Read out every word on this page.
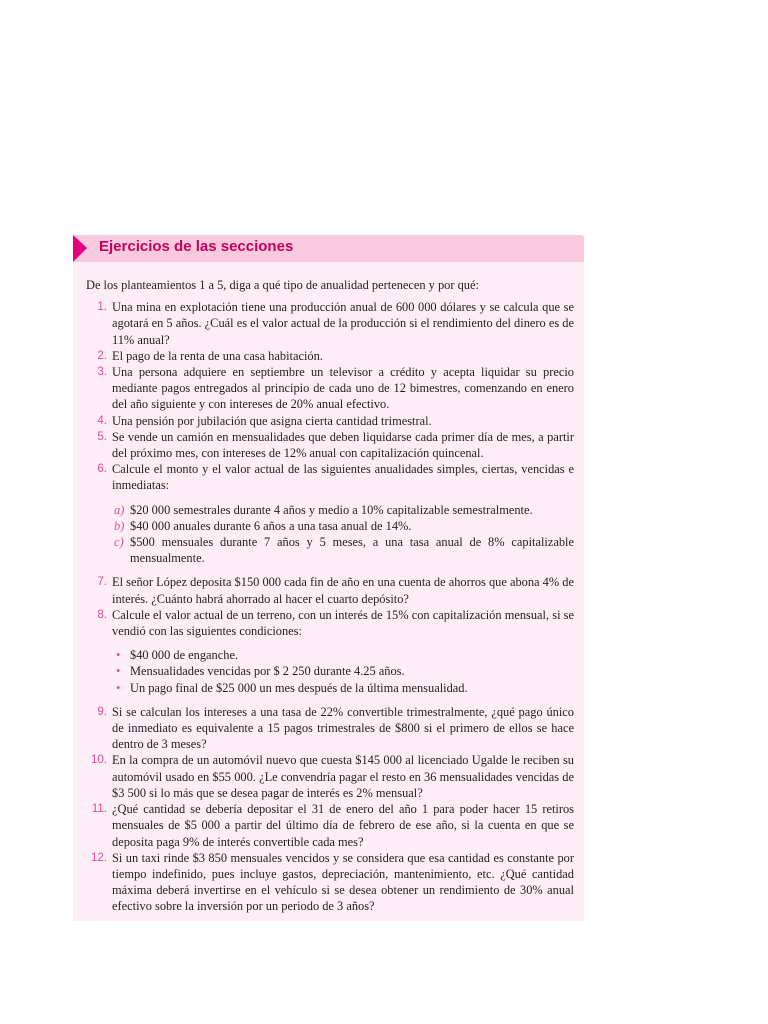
Ejercicios de las secciones

De los planteamientos 1 a 5, diga a qué tipo de anualidad pertenecen y por qué:

1. Una mina en explotación tiene una producción anual de 600 000 dólares y se calcula que se agotará en 5 años. ¿Cuál es el valor actual de la producción si el rendimiento del dinero es de 11% anual?

2. El pago de la renta de una casa habitación.

3. Una persona adquiere en septiembre un televisor a crédito y acepta liquidar su precio mediante pagos entregados al principio de cada uno de 12 bimestres, comenzando en enero del año siguiente y con intereses de 20% anual efectivo.

4. Una pensión por jubilación que asigna cierta cantidad trimestral.

5. Se vende un camión en mensualidades que deben liquidarse cada primer día de mes, a partir del próximo mes, con intereses de 12% anual con capitalización quincenal.

6. Calcule el monto y el valor actual de las siguientes anualidades simples, ciertas, vencidas e inmediatas:

a) $20 000 semestrales durante 4 años y medio a 10% capitalizable semestralmente.
b) $40 000 anuales durante 6 años a una tasa anual de 14%.
c) $500 mensuales durante 7 años y 5 meses, a una tasa anual de 8% capitalizable mensualmente.

7. El señor López deposita $150 000 cada fin de año en una cuenta de ahorros que abona 4% de interés. ¿Cuánto habrá ahorrado al hacer el cuarto depósito?

8. Calcule el valor actual de un terreno, con un interés de 15% con capitalización mensual, si se vendió con las siguientes condiciones:

• $40 000 de enganche.
• Mensualidades vencidas por $ 2 250 durante 4.25 años.
• Un pago final de $25 000 un mes después de la última mensualidad.

9. Si se calculan los intereses a una tasa de 22% convertible trimestralmente, ¿qué pago único de inmediato es equivalente a 15 pagos trimestrales de $800 si el primero de ellos se hace dentro de 3 meses?

10. En la compra de un automóvil nuevo que cuesta $145 000 al licenciado Ugalde le reciben su automóvil usado en $55 000. ¿Le convendría pagar el resto en 36 mensualidades vencidas de $3 500 si lo más que se desea pagar de interés es 2% mensual?

11. ¿Qué cantidad se debería depositar el 31 de enero del año 1 para poder hacer 15 retiros mensuales de $5 000 a partir del último día de febrero de ese año, si la cuenta en que se deposita paga 9% de interés convertible cada mes?

12. Si un taxi rinde $3 850 mensuales vencidos y se considera que esa cantidad es constante por tiempo indefinido, pues incluye gastos, depreciación, mantenimiento, etc. ¿Qué cantidad máxima deberá invertirse en el vehículo si se desea obtener un rendimiento de 30% anual efectivo sobre la inversión por un periodo de 3 años?
